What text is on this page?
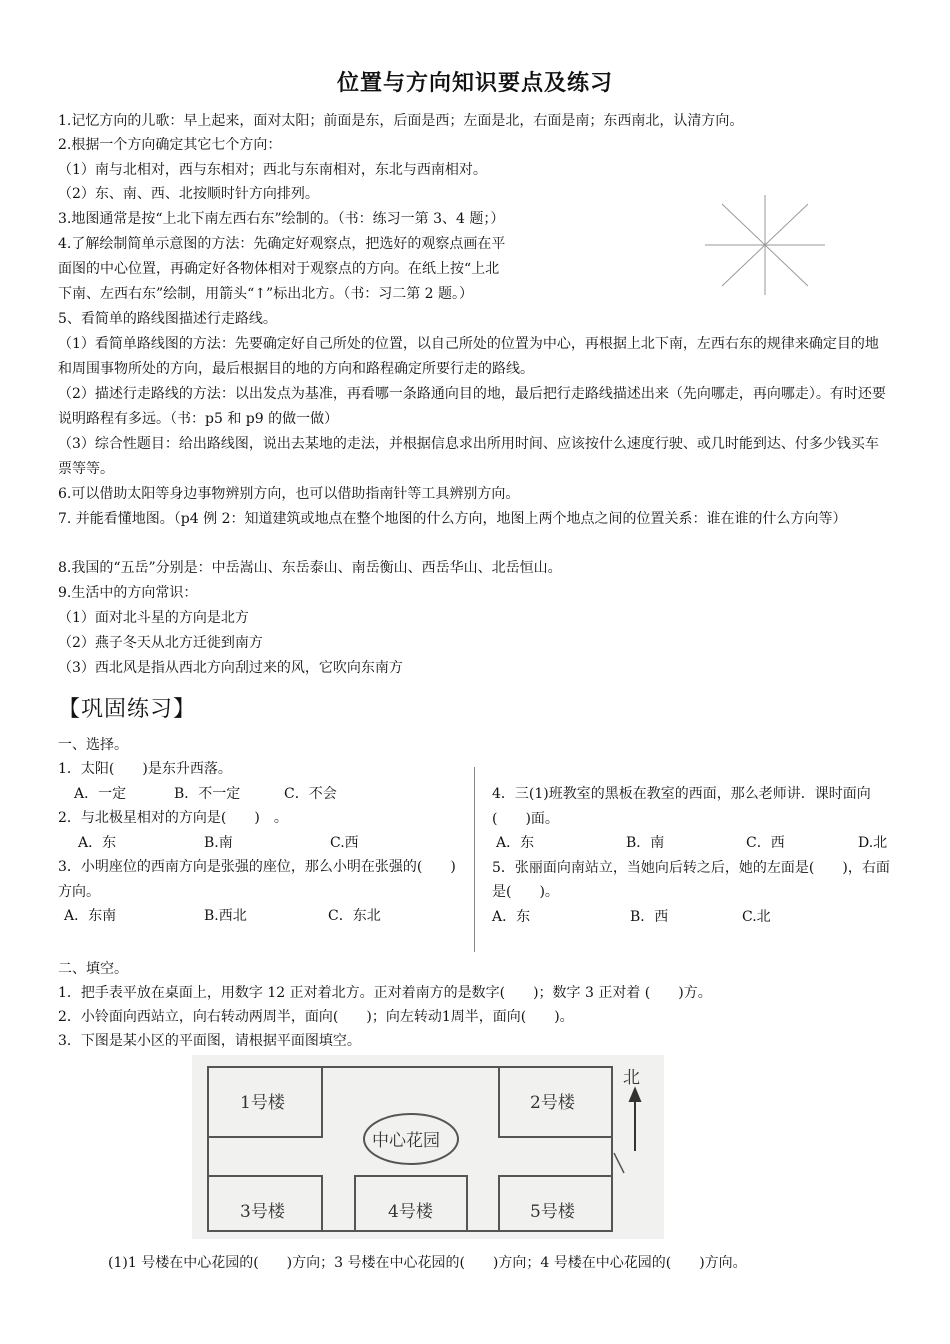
位置与方向知识要点及练习
1.记忆方向的儿歌：早上起来，面对太阳；前面是东，后面是西；左面是北，右面是南；东西南北，认清方向。
2.根据一个方向确定其它七个方向：
（1）南与北相对，西与东相对；西北与东南相对，东北与西南相对。
（2）东、南、西、北按顺时针方向排列。
3.地图通常是按“上北下南左西右东”绘制的。（书：练习一第 3、4 题；）
4.了解绘制简单示意图的方法：先确定好观察点，把选好的观察点画在平
面图的中心位置，再确定好各物体相对于观察点的方向。在纸上按“上北
下南、左西右东”绘制，用箭头“↑”标出北方。（书：习二第 2 题。）
5、看简单的路线图描述行走路线。
（1）看简单路线图的方法：先要确定好自己所处的位置，以自己所处的位置为中心，再根据上北下南，左西右东的规律来确定目的地和周围事物所处的方向，最后根据目的地的方向和路程确定所要行走的路线。
（2）描述行走路线的方法：以出发点为基准，再看哪一条路通向目的地，最后把行走路线描述出来（先向哪走，再向哪走）。有时还要说明路程有多远。（书：p5 和 p9 的做一做）
（3）综合性题目：给出路线图，说出去某地的走法，并根据信息求出所用时间、应该按什么速度行驶、或几时能到达、付多少钱买车票等等。
6.可以借助太阳等身边事物辨别方向，也可以借助指南针等工具辨别方向。
7. 并能看懂地图。（p4 例 2：知道建筑或地点在整个地图的什么方向，地图上两个地点之间的位置关系：谁在谁的什么方向等）
8.我国的“五岳”分别是：中岳嵩山、东岳泰山、南岳衡山、西岳华山、北岳恒山。
9.生活中的方向常识：
（1）面对北斗星的方向是北方
（2）燕子冬天从北方迁徙到南方
（3）西北风是指从西北方向刮过来的风，它吹向东南方
【巩固练习】
一、选择。
1．太阳(　　)是东升西落。
A．一定	B．不一定	C．不会
2．与北极星相对的方向是(　　)　。
A．东	B.南	C.西
3．小明座位的西南方向是张强的座位，那么小明在张强的(　　)方向。
A．东南	B.西北	C．东北
4．三(1)班教室的黑板在教室的西面，那么老师讲．课时面向(　　)面。
A．东	B．南	C．西	D.北
5．张丽面向南站立，当她向后转之后，她的左面是(　　)，右面是(　　)。
A．东	B．西	C.北
二、填空。
1．把手表平放在桌面上，用数字 12 正对着北方。正对着南方的是数字(　　)；数字 3 正对着 (　　)方。
2．小铃面向西站立，向右转动两周半，面向(　　)；向左转动1周半，面向(　　)。
3．下图是某小区的平面图，请根据平面图填空。
北
1号楼	2号楼
3号楼	4号楼	5号楼
中心花园
(1)1 号楼在中心花园的(　　)方向；3 号楼在中心花园的(　　)方向；4 号楼在中心花园的(　　)方向。
